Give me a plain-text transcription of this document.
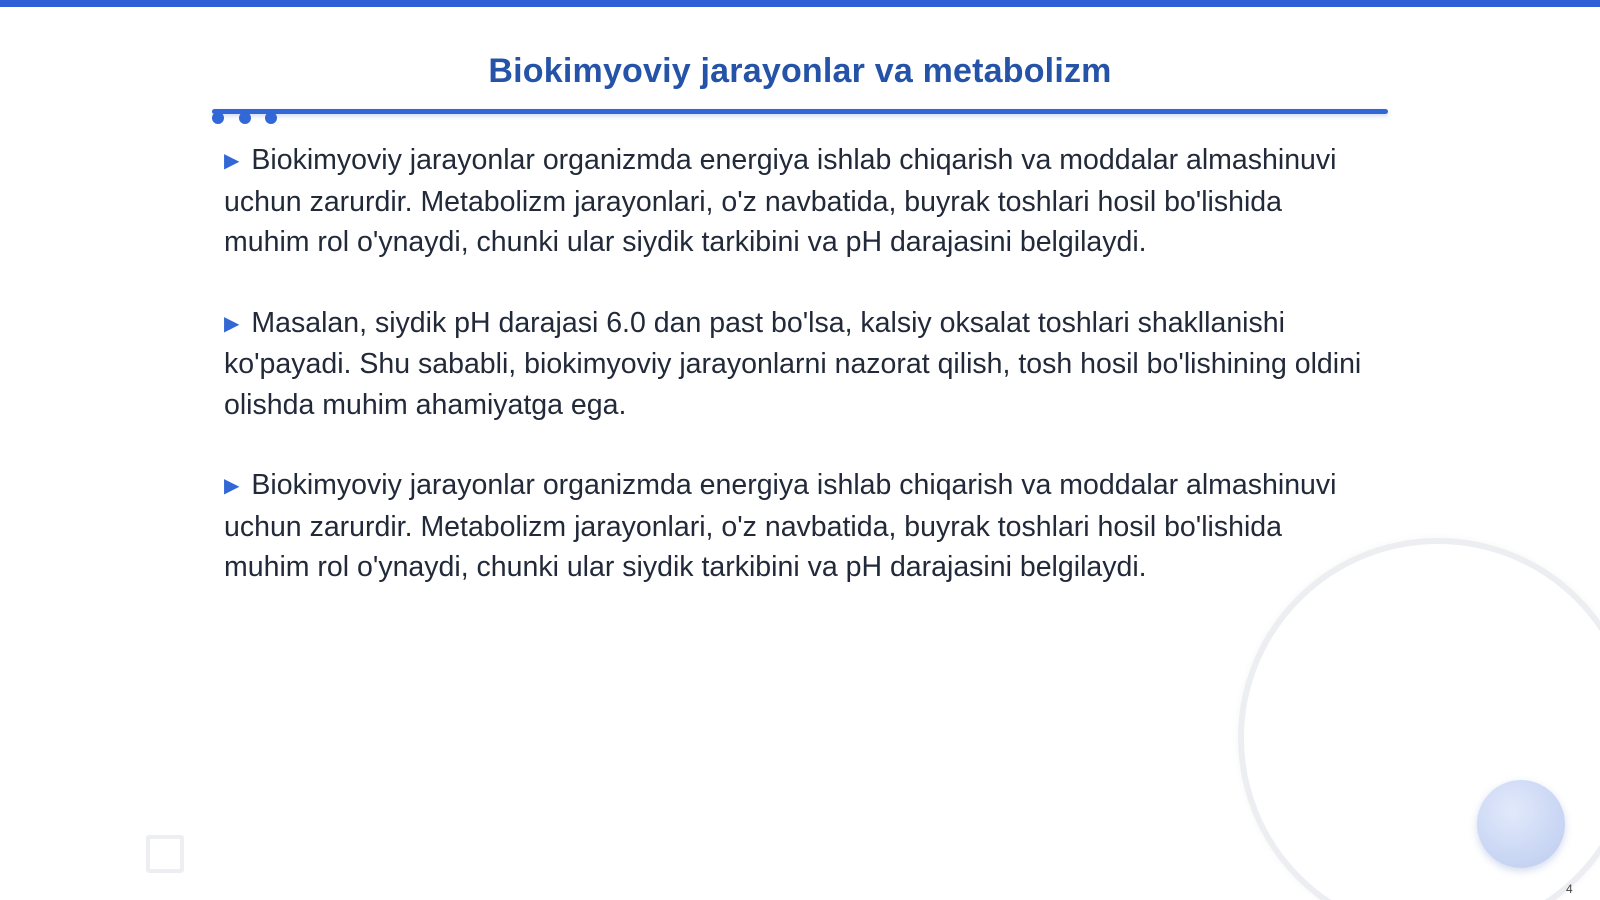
Biokimyoviy jarayonlar va metabolizm

▶ Biokimyoviy jarayonlar organizmda energiya ishlab chiqarish va moddalar almashinuvi uchun zarurdir. Metabolizm jarayonlari, o'z navbatida, buyrak toshlari hosil bo'lishida muhim rol o'ynaydi, chunki ular siydik tarkibini va pH darajasini belgilaydi.

▶ Masalan, siydik pH darajasi 6.0 dan past bo'lsa, kalsiy oksalat toshlari shakllanishi ko'payadi. Shu sababli, biokimyoviy jarayonlarni nazorat qilish, tosh hosil bo'lishining oldini olishda muhim ahamiyatga ega.

▶ Biokimyoviy jarayonlar organizmda energiya ishlab chiqarish va moddalar almashinuvi uchun zarurdir. Metabolizm jarayonlari, o'z navbatida, buyrak toshlari hosil bo'lishida muhim rol o'ynaydi, chunki ular siydik tarkibini va pH darajasini belgilaydi.

4
